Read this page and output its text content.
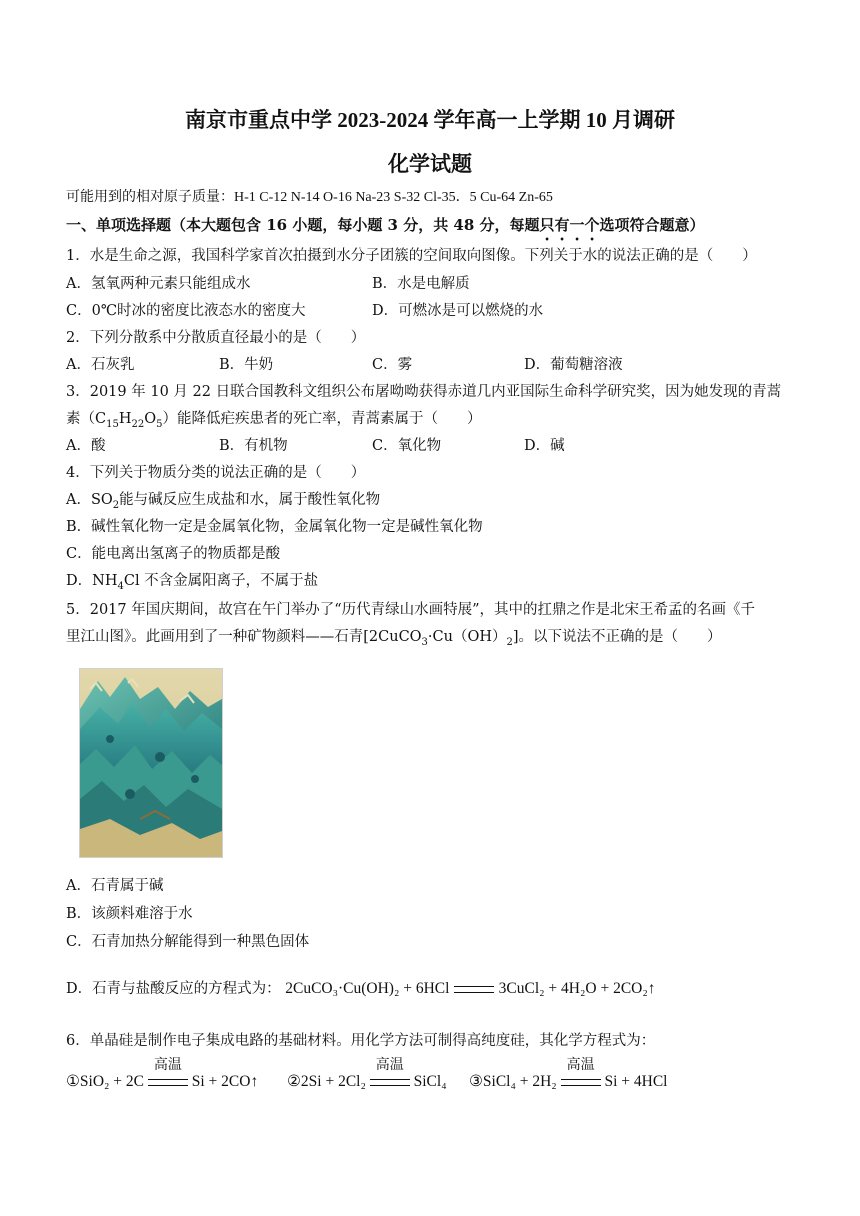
南京市重点中学 2023-2024 学年高一上学期 10 月调研
化学试题
可能用到的相对原子质量：H-1 C-12 N-14 O-16 Na-23 S-32 Cl-35．5 Cu-64 Zn-65
一、单项选择题（本大题包含 16 小题，每小题 3 分，共 48 分，每题只有一个选项符合题意）
1．水是生命之源，我国科学家首次拍摄到水分子团簇的空间取向图像。下列关于水的说法正确的是（　　）
A．氢氧两种元素只能组成水	B．水是电解质
C．0℃时冰的密度比液态水的密度大	D．可燃冰是可以燃烧的水
2．下列分散系中分散质直径最小的是（　　）
A．石灰乳	B．牛奶	C．雾	D．葡萄糖溶液
3．2019 年 10 月 22 日联合国教科文组织公布屠呦呦获得赤道几内亚国际生命科学研究奖，因为她发现的青蒿
素$(C_{15}H_{22}O_5)$能降低疟疾患者的死亡率，青蒿素属于（　　）
A．酸	B．有机物	C．氧化物	D．碱
4．下列关于物质分类的说法正确的是（　　）
A．$SO_2$能与碱反应生成盐和水，属于酸性氧化物
B．碱性氧化物一定是金属氧化物，金属氧化物一定是碱性氧化物
C．能电离出氢离子的物质都是酸
D．$NH_4Cl$ 不含金属阳离子，不属于盐
5．2017 年国庆期间，故宫在午门举办了“历代青绿山水画特展”，其中的扛鼎之作是北宋王希孟的名画《千
里江山图》。此画用到了一种矿物颜料——石青$[2CuCO_3\cdot Cu(OH)_2]$。以下说法不正确的是（　　）
A．石青属于碱
B．该颜料难溶于水
C．石青加热分解能得到一种黑色固体
D．石青与盐酸反应的方程式为： 2CuCO₃·Cu(OH)₂ + 6HCl	3CuCl₂ + 4H₂O + 2CO₂↑
6．单晶硅是制作电子集成电路的基础材料。用化学方法可制得高纯度硅，其化学方程式为：
①SiO₂ + 2C
高温
Si + 2CO↑ ②2Si + 2Cl₂
高温
SiCl₄ ③SiCl₄ + 2H₂
高温
Si + 4HCl
